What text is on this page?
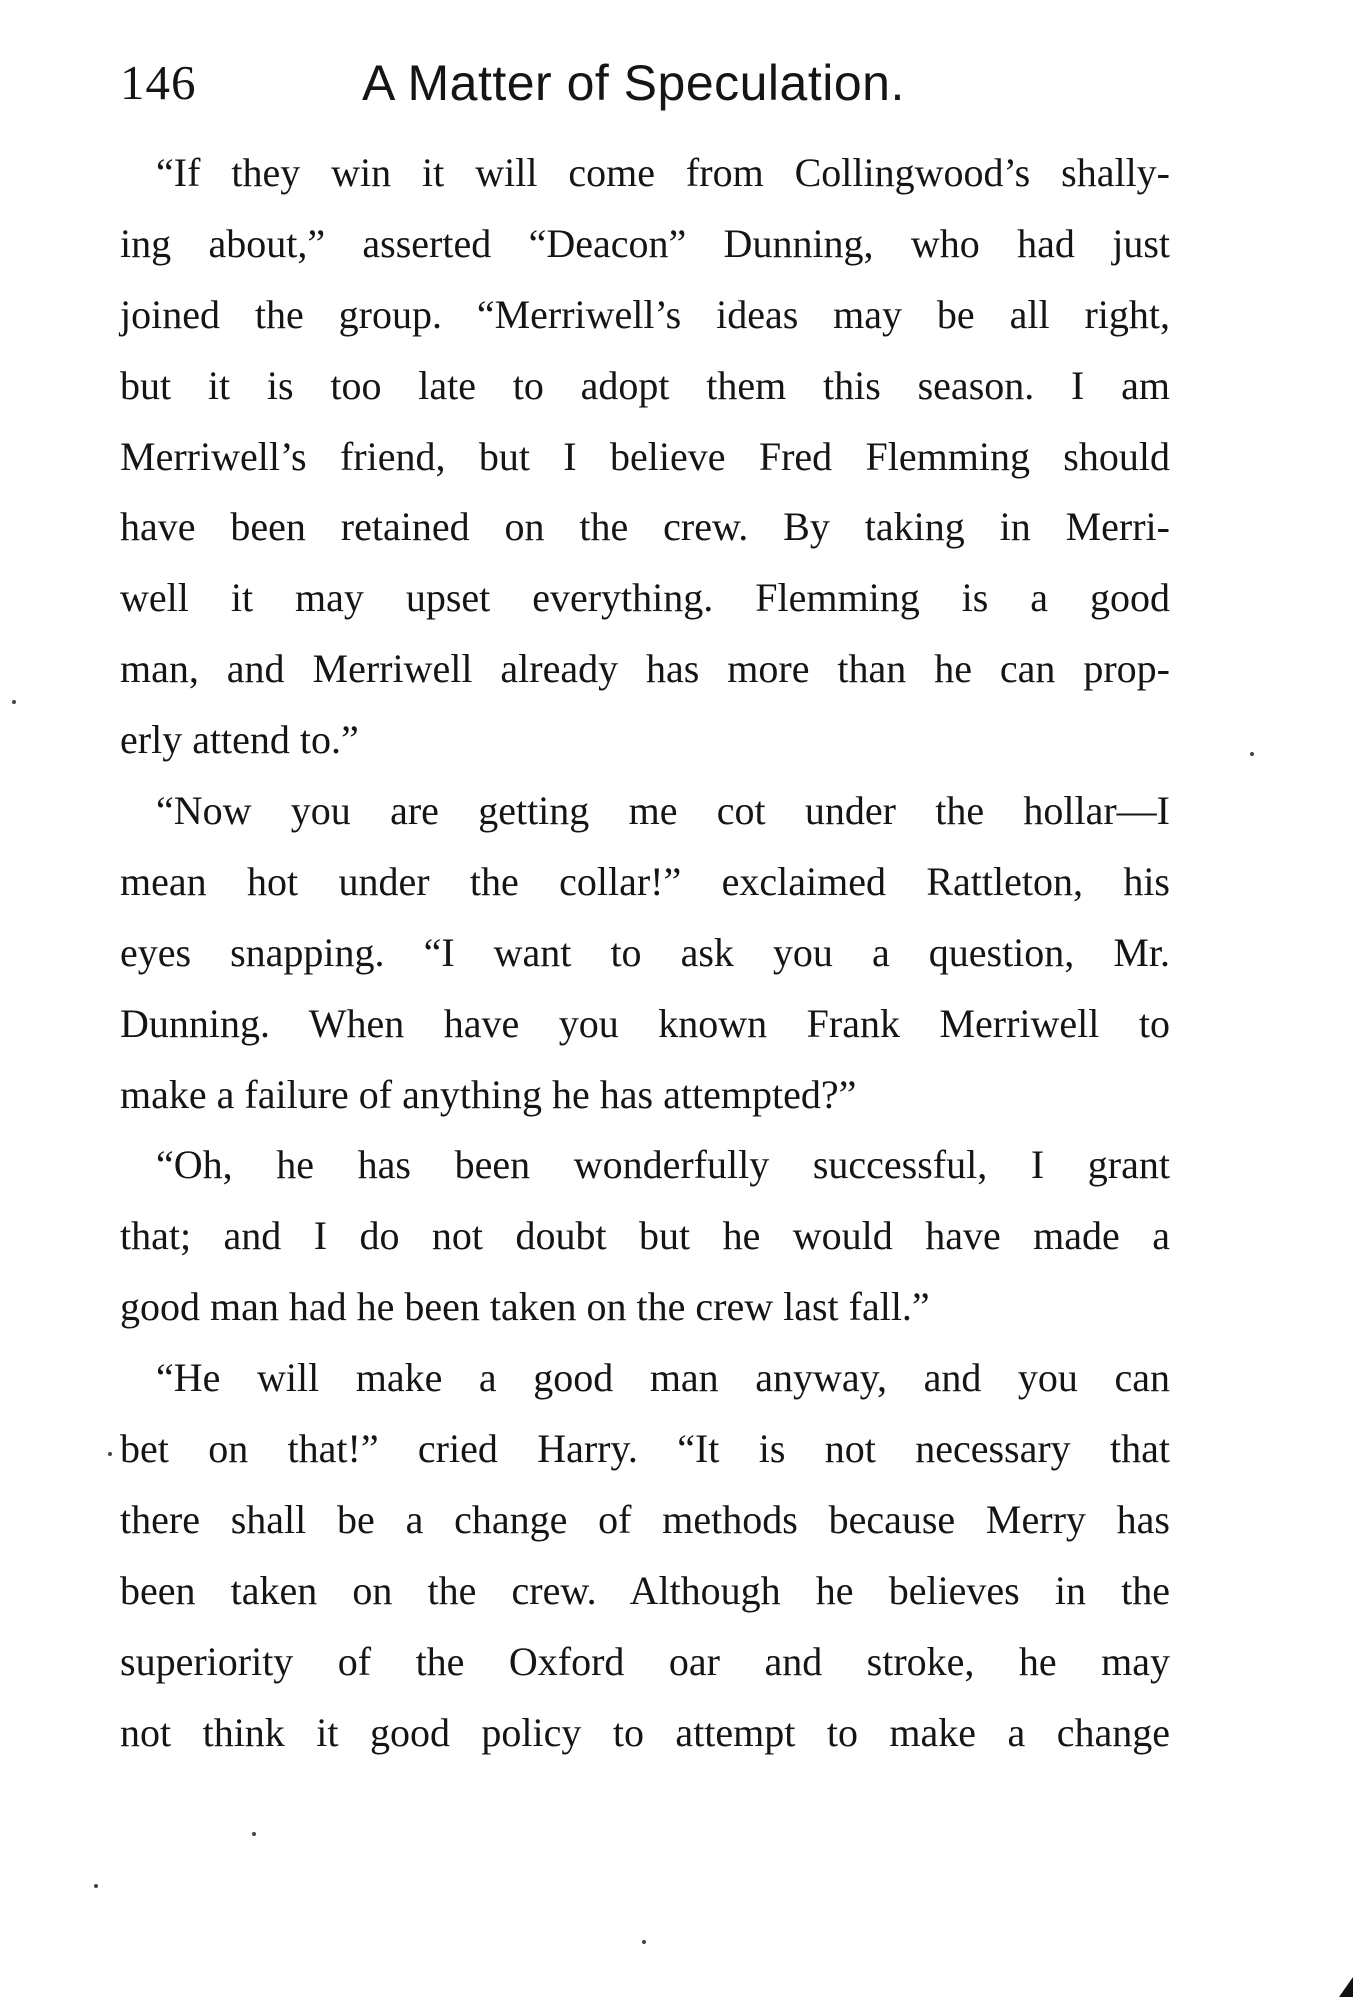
146	A Matter of Speculation.
“If they win it will come from Collingwood’s shally-
ing about,” asserted “Deacon” Dunning, who had just
joined the group. “Merriwell’s ideas may be all right,
but it is too late to adopt them this season. I am
Merriwell’s friend, but I believe Fred Flemming should
have been retained on the crew. By taking in Merri-
well it may upset everything. Flemming is a good
man, and Merriwell already has more than he can prop-
erly attend to.”
“Now you are getting me cot under the hollar—I
mean hot under the collar!” exclaimed Rattleton, his
eyes snapping. “I want to ask you a question, Mr.
Dunning. When have you known Frank Merriwell to
make a failure of anything he has attempted?”
“Oh, he has been wonderfully successful, I grant
that; and I do not doubt but he would have made a
good man had he been taken on the crew last fall.”
“He will make a good man anyway, and you can
bet on that!” cried Harry. “It is not necessary that
there shall be a change of methods because Merry has
been taken on the crew. Although he believes in the
superiority of the Oxford oar and stroke, he may
not think it good policy to attempt to make a change
